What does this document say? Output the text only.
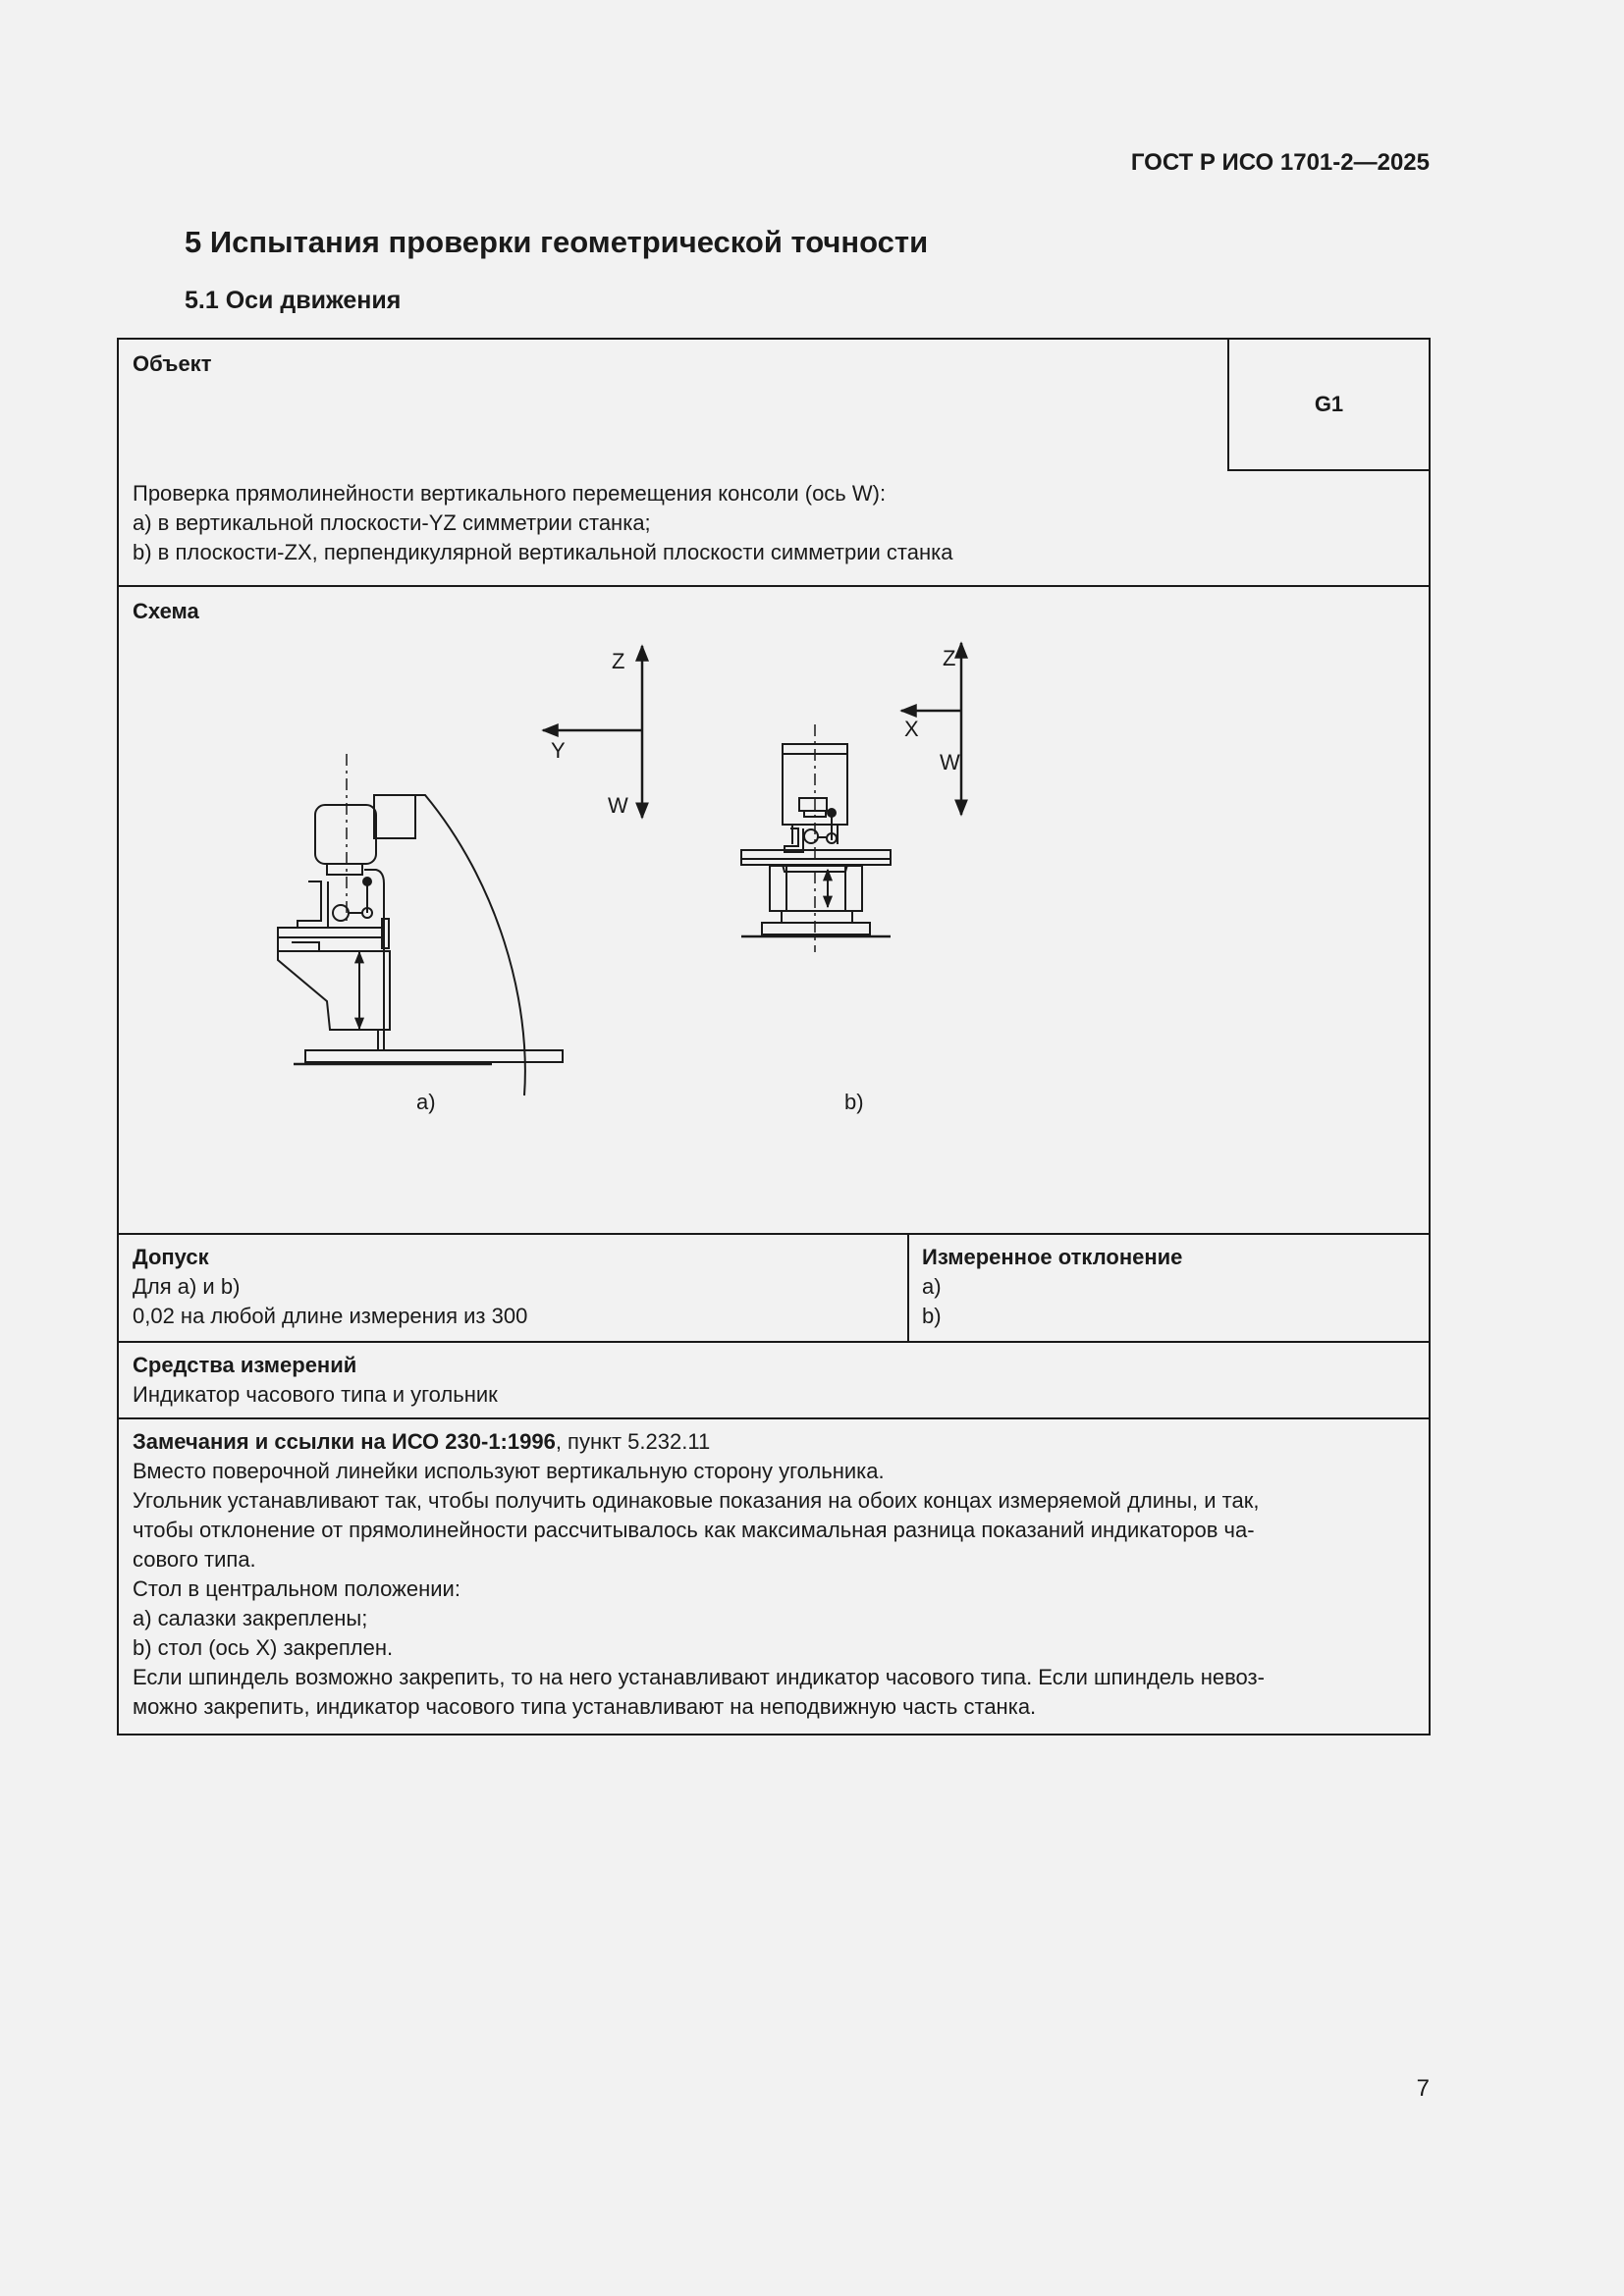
ГОСТ Р ИСО 1701-2—2025
5 Испытания проверки геометрической точности
5.1 Оси движения
Объект
G1
Проверка прямолинейности вертикального перемещения консоли (ось W):
a) в вертикальной плоскости-YZ симметрии станка;
b) в плоскости-ZX, перпендикулярной вертикальной плоскости симметрии станка
Схема
Z
Y
W
a)
Z
X
W
b)
Допуск
Для a) и b)
0,02 на любой длине измерения из 300
Измеренное отклонение
a)
b)
Средства измерений
Индикатор часового типа и угольник
Замечания и ссылки на ИСО 230-1:1996, пункт 5.232.11
Вместо поверочной линейки используют вертикальную сторону угольника.
Угольник устанавливают так, чтобы получить одинаковые показания на обоих концах измеряемой длины, и так,
чтобы отклонение от прямолинейности рассчитывалось как максимальная разница показаний индикаторов ча-
сового типа.
Стол в центральном положении:
a) салазки закреплены;
b) стол (ось X) закреплен.
Если шпиндель возможно закрепить, то на него устанавливают индикатор часового типа. Если шпиндель невоз-
можно закрепить, индикатор часового типа устанавливают на неподвижную часть станка.
7
